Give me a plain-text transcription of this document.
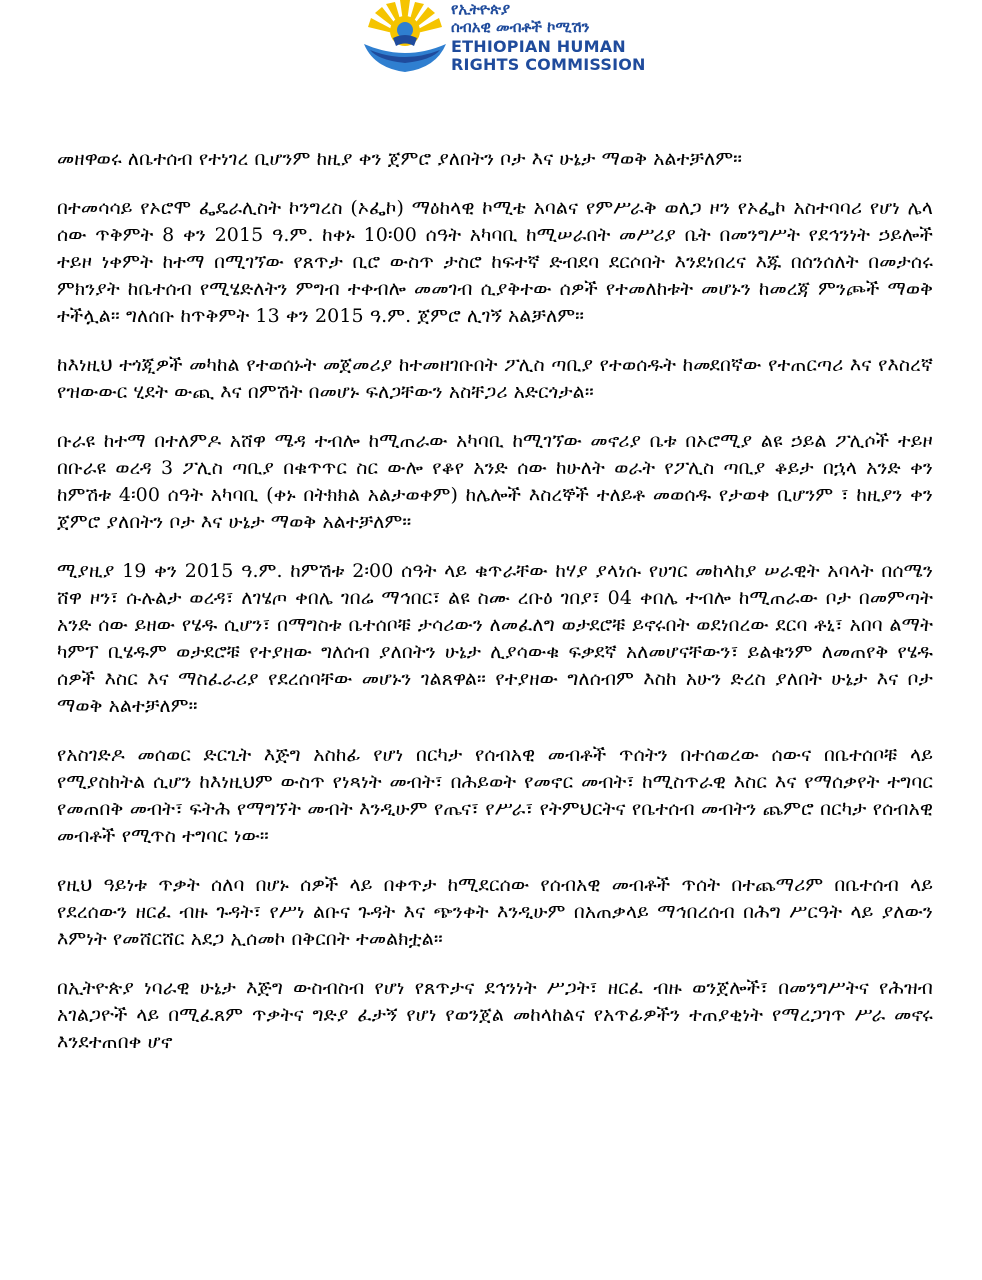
የኢትዮጵያ
ሰብአዊ መብቶች ኮሚሽን
ETHIOPIAN HUMAN
RIGHTS COMMISSION

መዘዋወሩ ለቤተሰብ የተነገረ ቢሆንም ከዚያ ቀን ጀምሮ ያለበትን ቦታ እና ሁኔታ ማወቅ አልተቻለም።

በተመሳሳይ የኦሮሞ ፌዴራሊስት ኮንግረስ (ኦፌኮ) ማዕከላዊ ኮሚቴ አባልና የምሥራቅ ወለጋ ዞን የኦፌኮ አስተባባሪ የሆነ ሌላ ሰው ጥቅምት 8 ቀን 2015 ዓ.ም. ከቀኑ 10፡00 ሰዓት አካባቢ ከሚሠራበት መሥሪያ ቤት በመንግሥት የደኅንነት ኃይሎች ተይዞ ነቀምት ከተማ በሚገኘው የጸጥታ ቢሮ ውስጥ ታስሮ ከፍተኛ ድብደባ ደርሶበት እንደነበረና እጁ በሰንሰለት በመታሰሩ ምክንያት ከቤተሰብ የሚሄድለትን ምግብ ተቀብሎ መመገብ ሲያቅተው ሰዎች የተመለከቱት መሆኑን ከመረጃ ምንጮች ማወቅ ተችሏል። ግለሰቡ ከጥቅምት 13 ቀን 2015 ዓ.ም. ጀምሮ ሊገኝ አልቻለም።

ከእነዚህ ተጎጂዎች መካከል የተወሰኑት መጀመሪያ ከተመዘገቡበት ፖሊስ ጣቢያ የተወሰዱት ከመደበኛው የተጠርጣሪ እና የእስረኛ የዝውውር ሂደት ውጪ እና በምሽት በመሆኑ ፍለጋቸውን አስቸጋሪ አድርጎታል።

ቡራዩ ከተማ በተለምዶ አሸዋ ሜዳ ተብሎ ከሚጠራው አካባቢ ከሚገኘው መኖሪያ ቤቱ በኦሮሚያ ልዩ ኃይል ፖሊሶች ተይዞ በቡራዩ ወረዳ 3 ፖሊስ ጣቢያ በቁጥጥር ስር ውሎ የቆየ አንድ ሰው ከሁለት ወራት የፖሊስ ጣቢያ ቆይታ በኋላ አንድ ቀን ከምሽቱ 4፡00 ሰዓት አካባቢ (ቀኑ በትክክል አልታወቀም) ከሌሎች እስረኞች ተለይቶ መወሰዱ የታወቀ ቢሆንም ፣ ከዚያን ቀን ጀምሮ ያለበትን ቦታ እና ሁኔታ ማወቅ አልተቻለም።

ሚያዚያ 19 ቀን 2015 ዓ.ም. ከምሽቱ 2፡00 ሰዓት ላይ ቁጥራቸው ከሃያ ያላነሱ የሀገር መከላከያ ሠራዊት አባላት በሰሜን ሸዋ ዞን፣ ሱሉልታ ወረዳ፣ ለገሄጦ ቀበሌ ገበሬ ማኅበር፣ ልዩ ስሙ ረቡዕ ገበያ፣ 04 ቀበሌ ተብሎ ከሚጠራው ቦታ በመምጣት አንድ ሰው ይዘው የሄዱ ሲሆን፣ በማግስቱ ቤተሰቦቹ ታሳሪውን ለመፈለግ ወታደሮቹ ይኖሩበት ወደነበረው ደርባ ቶኒ፣ አበባ ልማት ካምፕ ቢሄዱም ወታደሮቹ የተያዘው ግለሰብ ያለበትን ሁኔታ ሊያሳውቁ ፍቃደኛ አለመሆናቸውን፣ ይልቁንም ለመጠየቅ የሄዱ ሰዎች እስር እና ማስፈራሪያ የደረሰባቸው መሆኑን ገልጸዋል። የተያዘው ግለሰብም እስከ አሁን ድረስ ያለበት ሁኔታ እና ቦታ ማወቅ አልተቻለም።

የአስገድዶ መሰወር ድርጊት እጅግ አስከፊ የሆነ በርካታ የሰብአዊ መብቶች ጥሰትን በተሰወረው ሰውና በቤተሰቦቹ ላይ የሚያስከትል ሲሆን ከእነዚህም ውስጥ የነጻነት መብት፣ በሕይወት የመኖር መብት፣ ከሚስጥራዊ እስር እና የማሰቃየት ተግባር የመጠበቅ መብት፣ ፍትሕ የማግኘት መብት እንዲሁም የጤና፣ የሥራ፣ የትምህርትና የቤተሰብ መብትን ጨምሮ በርካታ የሰብአዊ መብቶች የሚጥስ ተግባር ነው።

የዚህ ዓይነቱ ጥቃት ሰለባ በሆኑ ሰዎች ላይ በቀጥታ ከሚደርሰው የሰብአዊ መብቶች ጥሰት በተጨማሪም በቤተሰብ ላይ የደረሰውን ዘርፈ ብዙ ጉዳት፣ የሥነ ልቡና ጉዳት እና ጭንቀት እንዲሁም በአጠቃላይ ማኅበረሰብ በሕግ ሥርዓት ላይ ያለውን እምነት የመሸርሸር አደጋ ኢሰመኮ በቅርበት ተመልክቷል።

በኢትዮጵያ ነባራዊ ሁኔታ እጅግ ውስብስብ የሆነ የጸጥታና ደኅንነት ሥጋት፣ ዘርፈ ብዙ ወንጀሎች፣ በመንግሥትና የሕዝብ አገልጋዮች ላይ በሚፈጸም ጥቃትና ግድያ ፈታኝ የሆነ የወንጀል መከላከልና የአጥፊዎችን ተጠያቂነት የማረጋገጥ ሥራ መኖሩ እንደተጠበቀ ሆኖ
